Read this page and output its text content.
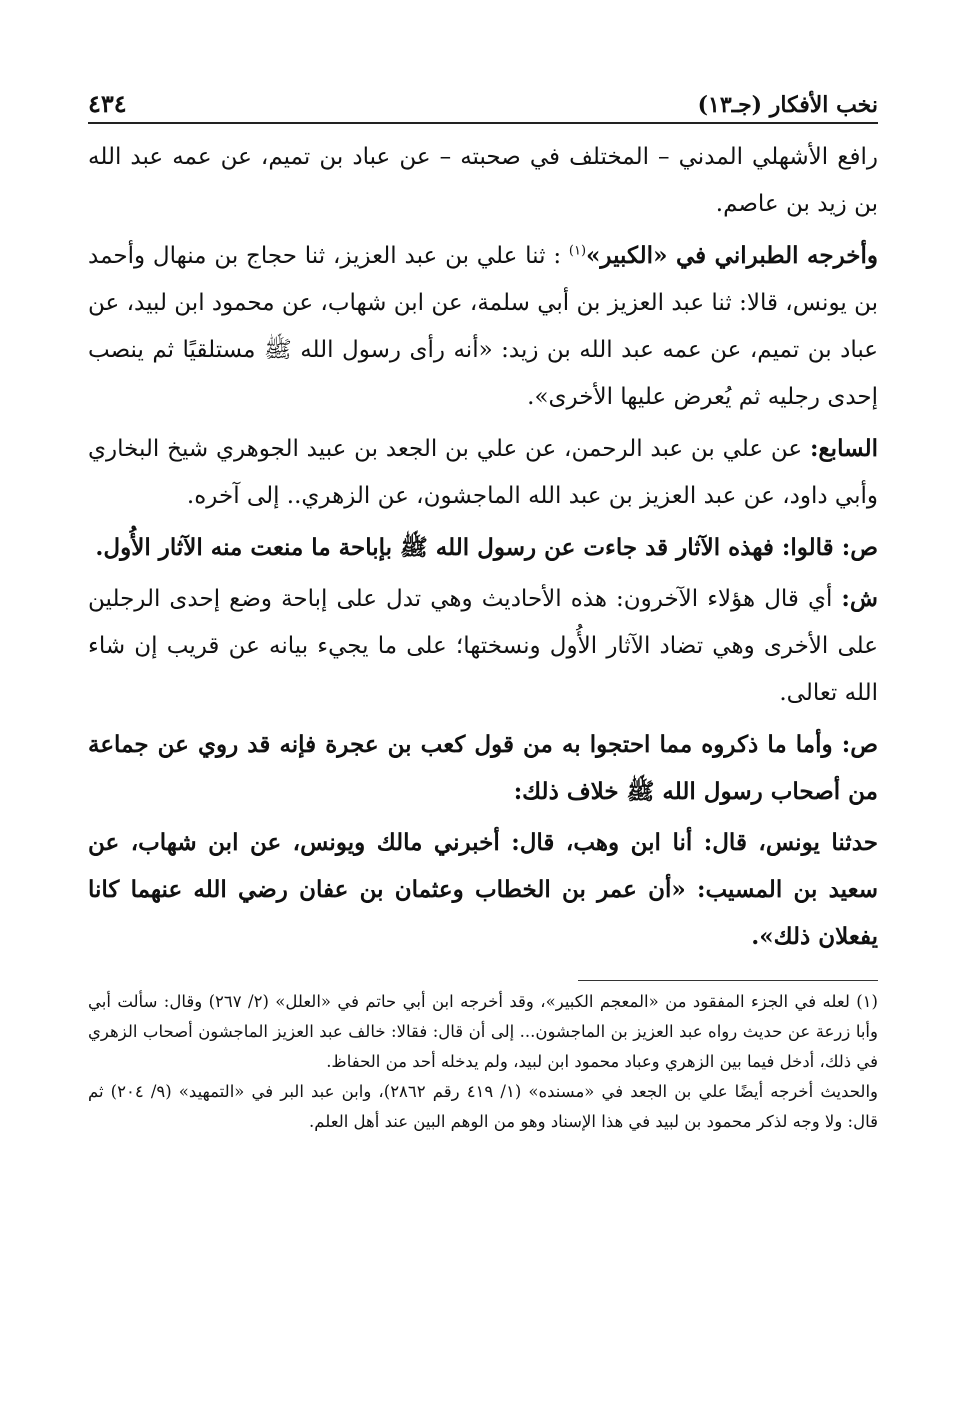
نخب الأفكار (جـ١٣)
٤٣٤

رافع الأشهلي المدني – المختلف في صحبته – عن عباد بن تميم، عن عمه عبد الله بن زيد بن عاصم.

وأخرجه الطبراني في «الكبير»$^{(١)}$ : ثنا علي بن عبد العزيز، ثنا حجاج بن منهال وأحمد بن يونس، قالا: ثنا عبد العزيز بن أبي سلمة، عن ابن شهاب، عن محمود ابن لبيد، عن عباد بن تميم، عن عمه عبد الله بن زيد: «أنه رأى رسول الله ﷺ مستلقيًا ثم ينصب إحدى رجليه ثم يُعرض عليها الأخرى».

السابع: عن علي بن عبد الرحمن، عن علي بن الجعد بن عبيد الجوهري شيخ البخاري وأبي داود، عن عبد العزيز بن عبد الله الماجشون، عن الزهري.. إلى آخره.

ص: قالوا: فهذه الآثار قد جاءت عن رسول الله ﷺ بإباحة ما منعت منه الآثار الأُول.

ش: أي قال هؤلاء الآخرون: هذه الأحاديث وهي تدل على إباحة وضع إحدى الرجلين على الأخرى وهي تضاد الآثار الأُول ونسختها؛ على ما يجيء بيانه عن قريب إن شاء الله تعالى.

ص: وأما ما ذكروه مما احتجوا به من قول كعب بن عجرة فإنه قد روي عن جماعة من أصحاب رسول الله ﷺ خلاف ذلك:

حدثنا يونس، قال: أنا ابن وهب، قال: أخبرني مالك ويونس، عن ابن شهاب، عن سعيد بن المسيب: «أن عمر بن الخطاب وعثمان بن عفان رضي الله عنهما كانا يفعلان ذلك».

(١) لعله في الجزء المفقود من «المعجم الكبير»، وقد أخرجه ابن أبي حاتم في «العلل» (٢/ ٢٦٧) وقال: سألت أبي وأبا زرعة عن حديث رواه عبد العزيز بن الماجشون... إلى أن قال: فقالا: خالف عبد العزيز الماجشون أصحاب الزهري في ذلك، أدخل فيما بين الزهري وعباد محمود ابن لبيد، ولم يدخله أحد من الحفاظ.

والحديث أخرجه أيضًا علي بن الجعد في «مسنده» (١/ ٤١٩ رقم ٢٨٦٢)، وابن عبد البر في «التمهيد» (٩/ ٢٠٤) ثم قال: ولا وجه لذكر محمود بن لبيد في هذا الإسناد وهو من الوهم البين عند أهل العلم.
